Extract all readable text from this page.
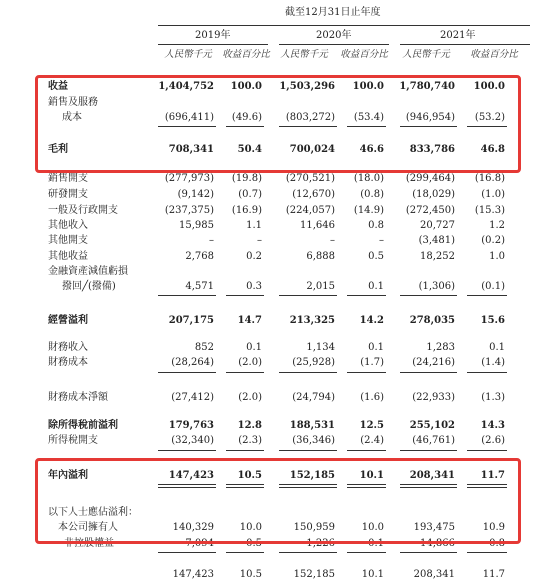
截至12月31日止年度
2019年	2020年	2021年
人民幣千元	收益百分比	人民幣千元	收益百分比	人民幣千元	收益百分比
收益	1,404,752	100.0	1,503,296	100.0	1,780,740	100.0
銷售及服務
成本	(696,411)	(49.6)	(803,272)	(53.4)	(946,954)	(53.2)
毛利	708,341	50.4	700,024	46.6	833,786	46.8
銷售開支	(277,973)	(19.8)	(270,521)	(18.0)	(299,464)	(16.8)
研發開支	(9,142)	(0.7)	(12,670)	(0.8)	(18,029)	(1.0)
一般及行政開支	(237,375)	(16.9)	(224,057)	(14.9)	(272,450)	(15.3)
其他收入	15,985	1.1	11,646	0.8	20,727	1.2
其他開支	–	–	–	–	(3,481)	(0.2)
其他收益	2,768	0.2	6,888	0.5	18,252	1.0
金融資產減值虧損
撥回╱(撥備)	4,571	0.3	2,015	0.1	(1,306)	(0.1)
經營溢利	207,175	14.7	213,325	14.2	278,035	15.6
財務收入	852	0.1	1,134	0.1	1,283	0.1
財務成本	(28,264)	(2.0)	(25,928)	(1.7)	(24,216)	(1.4)
財務成本淨額	(27,412)	(2.0)	(24,794)	(1.6)	(22,933)	(1.3)
除所得稅前溢利	179,763	12.8	188,531	12.5	255,102	14.3
所得稅開支	(32,340)	(2.3)	(36,346)	(2.4)	(46,761)	(2.6)
年內溢利	147,423	10.5	152,185	10.1	208,341	11.7
以下人士應佔溢利：
本公司擁有人	140,329	10.0	150,959	10.0	193,475	10.9
非控股權益	7,094	0.5	1,226	0.1	14,866	0.8
147,423	10.5	152,185	10.1	208,341	11.7
